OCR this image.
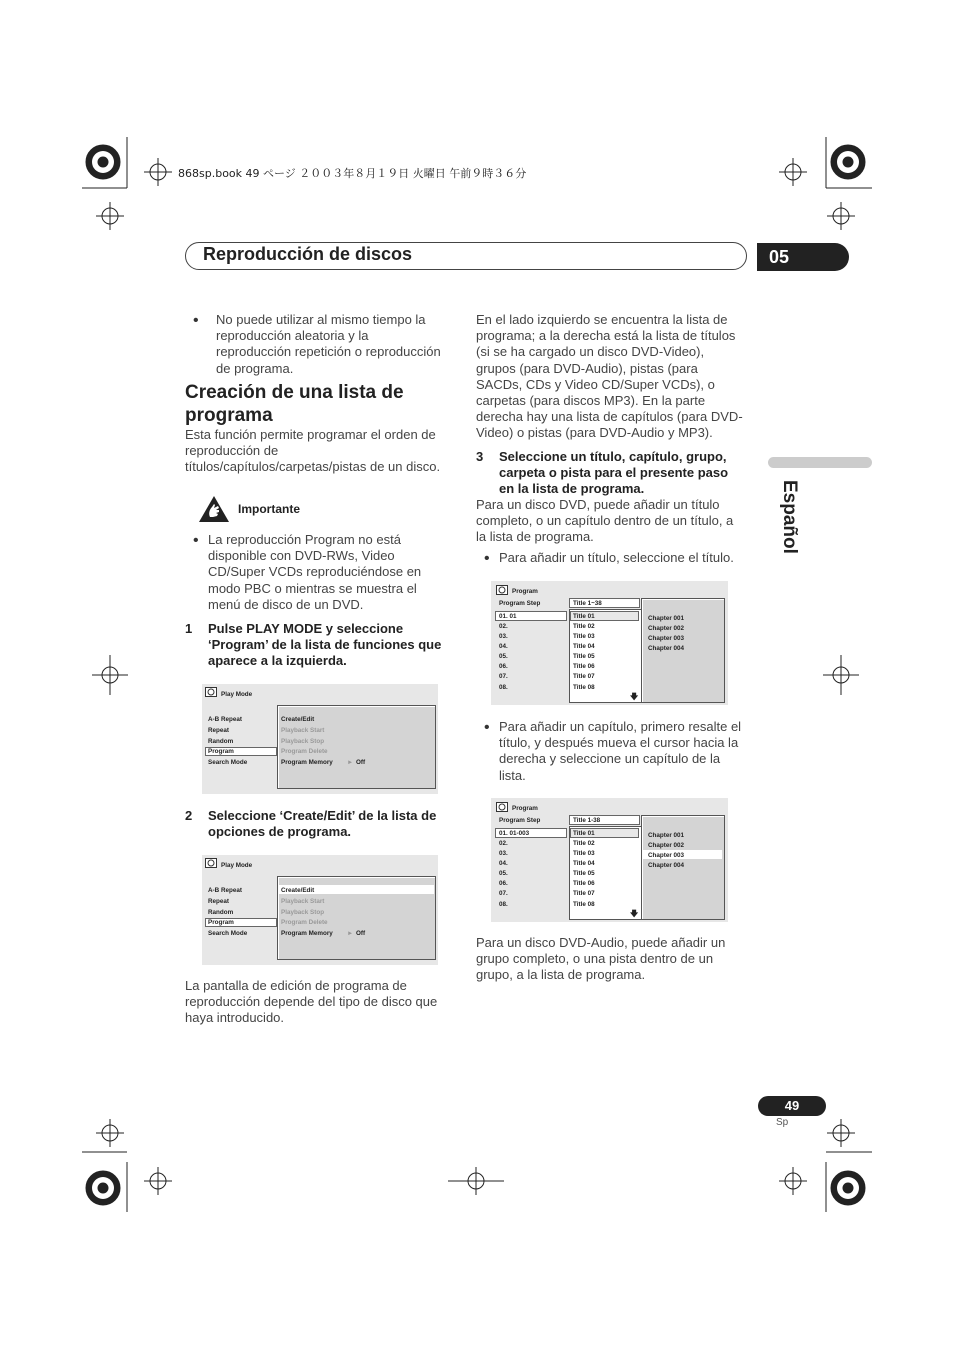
868sp.book 49 ページ ２００３年８月１９日 火曜日 午前９時３６分
Reproducción de discos	05
Español
• No puede utilizar al mismo tiempo la reproducción aleatoria y la reproducción repetición o reproducción de programa.

Creación de una lista de programa

Esta función permite programar el orden de reproducción de títulos/capítulos/carpetas/pistas de un disco.

Importante
• La reproducción Program no está disponible con DVD-RWs, Video CD/Super VCDs reproduciéndose en modo PBC o mientras se muestra el menú de disco de un DVD.

1 Pulse PLAY MODE y seleccione ‘Program’ de la lista de funciones que aparece a la izquierda.

Play Mode
A-B Repeat
Repeat
Random
Program
Search Mode
Create/Edit
Playback Start
Playback Stop
Program Delete
Program Memory ► Off
2 Seleccione ‘Create/Edit’ de la lista de opciones de programa.

Play Mode
A-B Repeat
Repeat
Random
Program
Search Mode
Create/Edit
Playback Start
Playback Stop
Program Delete
Program Memory ► Off

La pantalla de edición de programa de reproducción depende del tipo de disco que haya introducido.

En el lado izquierdo se encuentra la lista de programa; a la derecha está la lista de títulos (si se ha cargado un disco DVD-Video), grupos (para DVD-Audio), pistas (para SACDs, CDs y Video CD/Super VCDs), o carpetas (para discos MP3). En la parte derecha hay una lista de capítulos (para DVD-Video) o pistas (para DVD-Audio y MP3).

3 Seleccione un título, capítulo, grupo, carpeta o pista para el presente paso en la lista de programa.

Para un disco DVD, puede añadir un título completo, o un capítulo dentro de un título, a la lista de programa.

• Para añadir un título, seleccione el título.

Program
Program Step	Title 1~38
01. 01
02.
03.
04.
05.
06.
07.
08.
Title 01
Title 02
Title 03
Title 04
Title 05
Title 06
Title 07
Title 08
🡇
Chapter 001
Chapter 002
Chapter 003
Chapter 004
• Para añadir un capítulo, primero resalte el título, y después mueva el cursor hacia la derecha y seleccione un capítulo de la lista.

Program
Program Step	Title 1-38
01. 01-003
02.
03.
04.
05.
06.
07.
08.
Title 01
Title 02
Title 03
Title 04
Title 05
Title 06
Title 07
Title 08
🡇
Chapter 001
Chapter 002
Chapter 003
Chapter 004

Para un disco DVD-Audio, puede añadir un grupo completo, o una pista dentro de un grupo, a la lista de programa.

49
Sp
